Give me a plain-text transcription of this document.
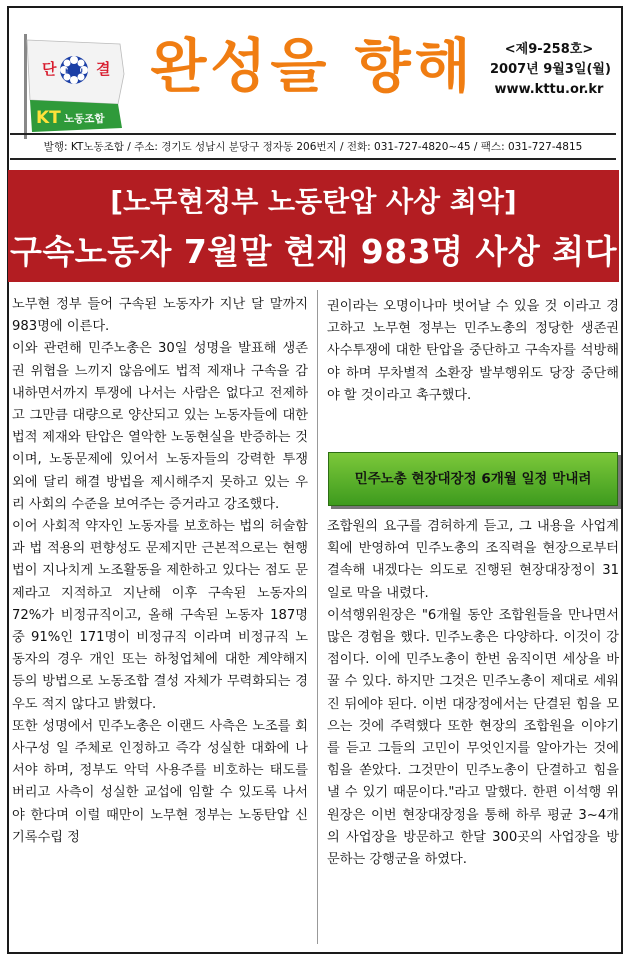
KTTU
단	결
KT 노동조합
완성을 향해	<제9-258호>
2007년 9월3일(월)
www.kttu.or.kr
발행: KT노동조합 / 주소: 경기도 성남시 분당구 정자동 206번지 / 전화: 031-727-4820~45 / 팩스: 031-727-4815
[노무현정부 노동탄압 사상 최악]
구속노동자 7월말 현재 983명 사상 최다

노무현 정부 들어 구속된 노동자가 지난 달 말까지 983명에 이른다.

이와 관련해 민주노총은 30일 성명을 발표해 생존권 위협을 느끼지 않음에도 법적 제재나 구속을 감내하면서까지 투쟁에 나서는 사람은 없다고 전제하고 그만큼 대량으로 양산되고 있는 노동자들에 대한 법적 제재와 탄압은 열악한 노동현실을 반증하는 것이며, 노동문제에 있어서 노동자들의 강력한 투쟁 외에 달리 해결 방법을 제시해주지 못하고 있는 우리 사회의 수준을 보여주는 증거라고 강조했다.

이어 사회적 약자인 노동자를 보호하는 법의 허술함과 법 적용의 편향성도 문제지만 근본적으로는 현행법이 지나치게 노조활동을 제한하고 있다는 점도 문제라고 지적하고 지난해 이후 구속된 노동자의 72%가 비정규직이고, 올해 구속된 노동자 187명 중 91%인 171명이 비정규직 이라며 비정규직 노동자의 경우 개인 또는 하청업체에 대한 계약해지 등의 방법으로 노동조합 결성 자체가 무력화되는 경우도 적지 않다고 밝혔다.

또한 성명에서 민주노총은 이랜드 사측은 노조를 회사구성 일 주체로 인정하고 즉각 성실한 대화에 나서야 하며, 정부도 악덕 사용주를 비호하는 태도를 버리고 사측이 성실한 교섭에 임할 수 있도록 나서야 한다며 이럴 때만이 노무현 정부는 노동탄압 신기록수립 정

권이라는 오명이나마 벗어날 수 있을 것 이라고 경고하고 노무현 정부는 민주노총의 정당한 생존권 사수투쟁에 대한 탄압을 중단하고 구속자를 석방해야 하며 무차별적 소환장 발부행위도 당장 중단해야 할 것이라고 촉구했다.

민주노총 현장대장정 6개월 일정 막내려

조합원의 요구를 겸허하게 듣고, 그 내용을 사업계획에 반영하여 민주노총의 조직력을 현장으로부터 결속해 내겠다는 의도로 진행된 현장대장정이 31일로 막을 내렸다.

이석행위원장은 "6개월 동안 조합원들을 만나면서 많은 경험을 했다. 민주노총은 다양하다. 이것이 강점이다. 이에 민주노총이 한번 움직이면 세상을 바꿀 수 있다. 하지만 그것은 민주노총이 제대로 세워진 뒤에야 된다. 이번 대장정에서는 단결된 힘을 모으는 것에 주력했다 또한 현장의 조합원을 이야기를 듣고 그들의 고민이 무엇인지를 알아가는 것에 힘을 쏟았다. 그것만이 민주노총이 단결하고 힘을 낼 수 있기 때문이다."라고 말했다. 한편 이석행 위원장은 이번 현장대장정을 통해 하루 평균 3~4개의 사업장을 방문하고 한달 300곳의 사업장을 방문하는 강행군을 하였다.
